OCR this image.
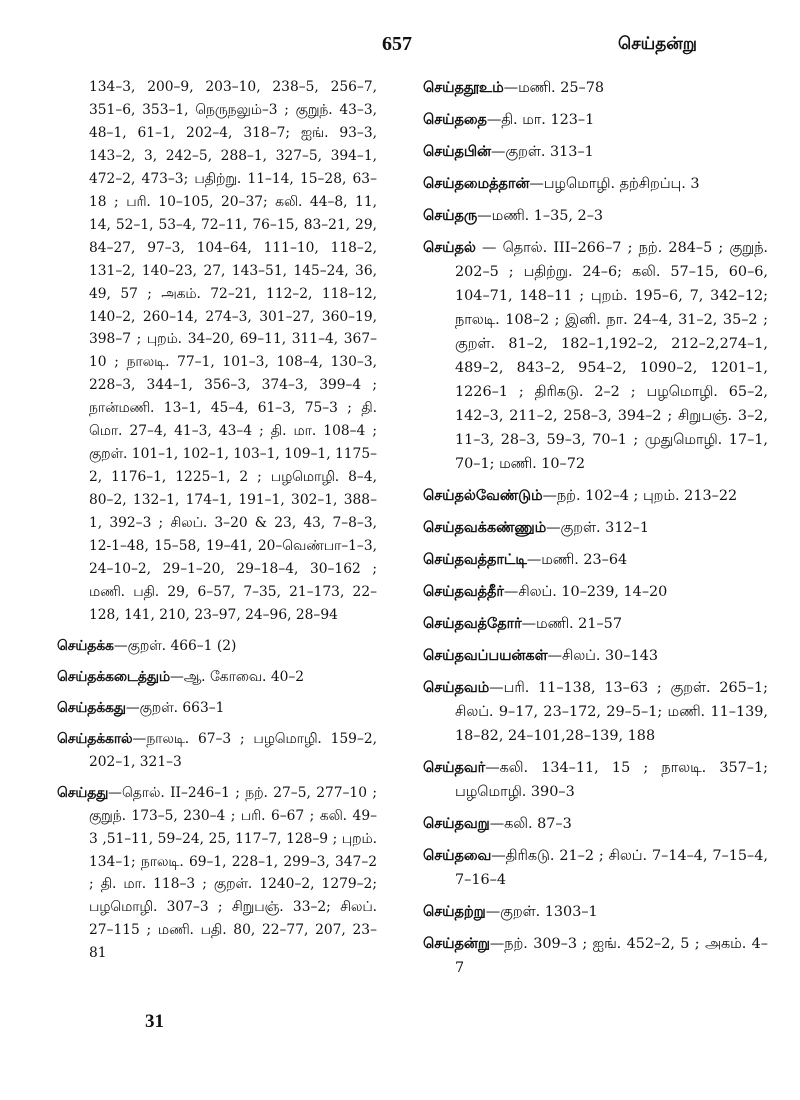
657	செய்தன்று
134–3, 200–9, 203–10, 238–5, 256–7, 351–6, 353–1, நெருநலும்–3 ; குறுந். 43–3, 48–1, 61–1, 202–4, 318–7; ஐங். 93–3, 143–2, 3, 242–5, 288–1, 327–5, 394–1, 472–2, 473–3; பதிற்று. 11–14, 15–28, 63–18 ; பரி. 10–105, 20–37; கலி. 44–8, 11, 14, 52–1, 53–4, 72–11, 76–15, 83–21, 29, 84–27, 97–3, 104–64, 111–10, 118–2, 131–2, 140–23, 27, 143–51, 145–24, 36, 49, 57 ; அகம். 72–21, 112–2, 118–12, 140–2, 260–14, 274–3, 301–27, 360–19, 398–7 ; புறம். 34–20, 69–11, 311–4, 367–10 ; நாலடி. 77–1, 101–3, 108–4, 130–3, 228–3, 344–1, 356–3, 374–3, 399–4 ; நான்மணி. 13–1, 45–4, 61–3, 75–3 ; தி. மொ. 27–4, 41–3, 43–4 ; தி. மா. 108–4 ; குறள். 101–1, 102–1, 103–1, 109–1, 1175–2, 1176–1, 1225–1, 2 ; பழமொழி. 8–4, 80–2, 132–1, 174–1, 191–1, 302–1, 388–1, 392–3 ; சிலப். 3–20 & 23, 43, 7–8–3, 12-1–48, 15–58, 19–41, 20–வெண்பா–1–3, 24–10–2, 29–1–20, 29–18–4, 30–162 ; மணி. பதி. 29, 6–57, 7–35, 21–173, 22–128, 141, 210, 23–97, 24–96, 28–94
செய்தக்க—குறள். 466–1 (2)
செய்தக்கடைத்தும்—ஆ. கோவை. 40–2
செய்தக்கது—குறள். 663–1
செய்தக்கால்—நாலடி. 67–3 ; பழமொழி. 159–2, 202–1, 321–3
செய்தது—தொல். II–246–1 ; நற். 27–5, 277–10 ; குறுந். 173–5, 230–4 ; பரி. 6–67 ; கலி. 49–3 ,51–11, 59–24, 25, 117–7, 128–9 ; புறம். 134–1; நாலடி. 69–1, 228–1, 299–3, 347–2 ; தி. மா. 118–3 ; குறள். 1240–2, 1279–2; பழமொழி. 307–3 ; சிறுபஞ். 33–2; சிலப். 27–115 ; மணி. பதி. 80, 22–77, 207, 23–81
செய்ததூஉம்—மணி. 25–78
செய்ததை—தி. மா. 123–1
செய்தபின்—குறள். 313–1
செய்தமைத்தான்—பழமொழி. தற்சிறப்பு. 3
செய்தரு—மணி. 1–35, 2–3
செய்தல் — தொல். III–266–7 ; நற். 284–5 ; குறுந். 202–5 ; பதிற்று. 24–6; கலி. 57–15, 60–6, 104–71, 148–11 ; புறம். 195–6, 7, 342–12; நாலடி. 108–2 ; இனி. நா. 24–4, 31–2, 35–2 ; குறள். 81–2, 182–1,192–2, 212–2,274–1, 489–2, 843–2, 954–2, 1090–2, 1201–1, 1226–1 ; திரிகடு. 2–2 ; பழமொழி. 65–2, 142–3, 211–2, 258–3, 394–2 ; சிறுபஞ். 3–2, 11–3, 28–3, 59–3, 70–1 ; முதுமொழி. 17–1, 70–1; மணி. 10–72
செய்தல்வேண்டும்—நற். 102–4 ; புறம். 213–22
செய்தவக்கண்ணும்—குறள். 312–1
செய்தவத்தாட்டி—மணி. 23–64
செய்தவத்தீர்—சிலப். 10–239, 14–20
செய்தவத்தோர்—மணி. 21–57
செய்தவப்பயன்கள்—சிலப். 30–143
செய்தவம்—பரி. 11–138, 13–63 ; குறள். 265–1; சிலப். 9–17, 23–172, 29–5–1; மணி. 11–139, 18–82, 24–101,28–139, 188
செய்தவர்—கலி. 134–11, 15 ; நாலடி. 357–1; பழமொழி. 390–3
செய்தவறு—கலி. 87–3
செய்தவை—திரிகடு. 21–2 ; சிலப். 7–14–4, 7–15–4, 7–16–4
செய்தற்று—குறள். 1303–1
செய்தன்று—நற். 309–3 ; ஐங். 452–2, 5 ; அகம். 4–7
31
